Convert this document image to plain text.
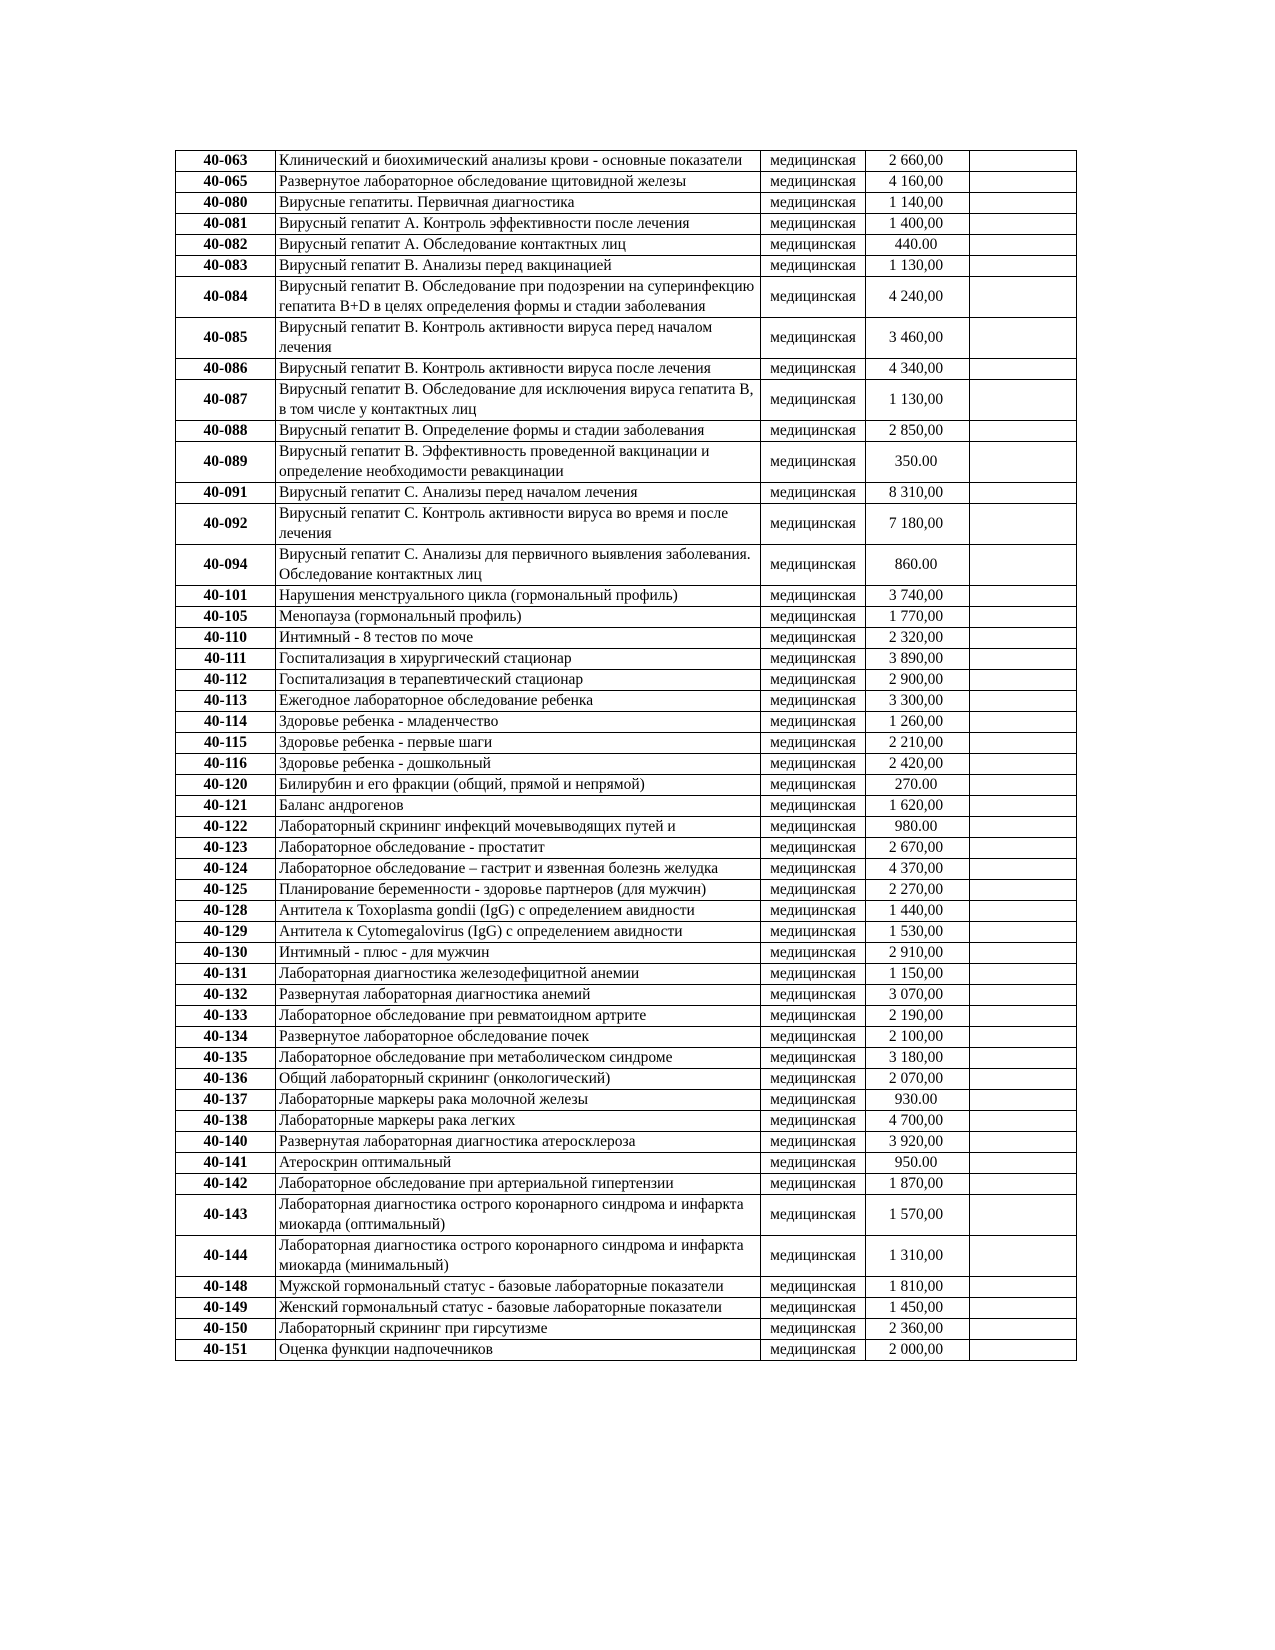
40-063	Клинический и биохимический анализы крови - основные показатели	медицинская	2 660,00	
40-065	Развернутое лабораторное обследование щитовидной железы	медицинская	4 160,00	
40-080	Вирусные гепатиты. Первичная диагностика	медицинская	1 140,00	
40-081	Вирусный гепатит А. Контроль эффективности после лечения	медицинская	1 400,00	
40-082	Вирусный гепатит А. Обследование контактных лиц	медицинская	440.00	
40-083	Вирусный гепатит В. Анализы перед вакцинацией	медицинская	1 130,00	
40-084	Вирусный гепатит В. Обследование при подозрении на суперинфекцию гепатита В+D в целях определения формы и стадии заболевания	медицинская	4 240,00	
40-085	Вирусный гепатит В. Контроль активности вируса перед началом лечения	медицинская	3 460,00	
40-086	Вирусный гепатит В. Контроль активности вируса после лечения	медицинская	4 340,00	
40-087	Вирусный гепатит В. Обследование для исключения вируса гепатита В, в том числе у контактных лиц	медицинская	1 130,00	
40-088	Вирусный гепатит В. Определение формы и стадии заболевания	медицинская	2 850,00	
40-089	Вирусный гепатит В. Эффективность проведенной вакцинации и определение необходимости ревакцинации	медицинская	350.00	
40-091	Вирусный гепатит С. Анализы перед началом лечения	медицинская	8 310,00	
40-092	Вирусный гепатит С. Контроль активности вируса во время и после лечения	медицинская	7 180,00	
40-094	Вирусный гепатит С. Анализы для первичного выявления заболевания. Обследование контактных лиц	медицинская	860.00	
40-101	Нарушения менструального цикла (гормональный профиль)	медицинская	3 740,00	
40-105	Менопауза (гормональный профиль)	медицинская	1 770,00	
40-110	Интимный - 8 тестов по моче	медицинская	2 320,00	
40-111	Госпитализация в хирургический стационар	медицинская	3 890,00	
40-112	Госпитализация в терапевтический стационар	медицинская	2 900,00	
40-113	Ежегодное лабораторное обследование ребенка	медицинская	3 300,00	
40-114	Здоровье ребенка - младенчество	медицинская	1 260,00	
40-115	Здоровье ребенка - первые шаги	медицинская	2 210,00	
40-116	Здоровье ребенка - дошкольный	медицинская	2 420,00	
40-120	Билирубин и его фракции (общий, прямой и непрямой)	медицинская	270.00	
40-121	Баланс андрогенов	медицинская	1 620,00	
40-122	Лабораторный скрининг инфекций мочевыводящих путей и	медицинская	980.00	
40-123	Лабораторное обследование - простатит	медицинская	2 670,00	
40-124	Лабораторное обследование – гастрит и язвенная болезнь желудка	медицинская	4 370,00	
40-125	Планирование беременности - здоровье партнеров (для мужчин)	медицинская	2 270,00	
40-128	Антитела к Toxoplasma gondii (IgG) с определением авидности	медицинская	1 440,00	
40-129	Антитела к Cytomegalovirus (IgG) с определением авидности	медицинская	1 530,00	
40-130	Интимный - плюс - для мужчин	медицинская	2 910,00	
40-131	Лабораторная диагностика железодефицитной анемии	медицинская	1 150,00	
40-132	Развернутая лабораторная диагностика анемий	медицинская	3 070,00	
40-133	Лабораторное обследование при ревматоидном артрите	медицинская	2 190,00	
40-134	Развернутое лабораторное обследование почек	медицинская	2 100,00	
40-135	Лабораторное обследование при метаболическом синдроме	медицинская	3 180,00	
40-136	Общий лабораторный скрининг (онкологический)	медицинская	2 070,00	
40-137	Лабораторные маркеры рака молочной железы	медицинская	930.00	
40-138	Лабораторные маркеры рака легких	медицинская	4 700,00	
40-140	Развернутая лабораторная диагностика атеросклероза	медицинская	3 920,00	
40-141	Атероскрин оптимальный	медицинская	950.00	
40-142	Лабораторное обследование при артериальной гипертензии	медицинская	1 870,00	
40-143	Лабораторная диагностика острого коронарного синдрома и инфаркта миокарда (оптимальный)	медицинская	1 570,00	
40-144	Лабораторная диагностика острого коронарного синдрома и инфаркта миокарда (минимальный)	медицинская	1 310,00	
40-148	Мужской гормональный статус - базовые лабораторные показатели	медицинская	1 810,00	
40-149	Женский гормональный статус - базовые лабораторные показатели	медицинская	1 450,00	
40-150	Лабораторный скрининг при гирсутизме	медицинская	2 360,00	
40-151	Оценка функции надпочечников	медицинская	2 000,00	
